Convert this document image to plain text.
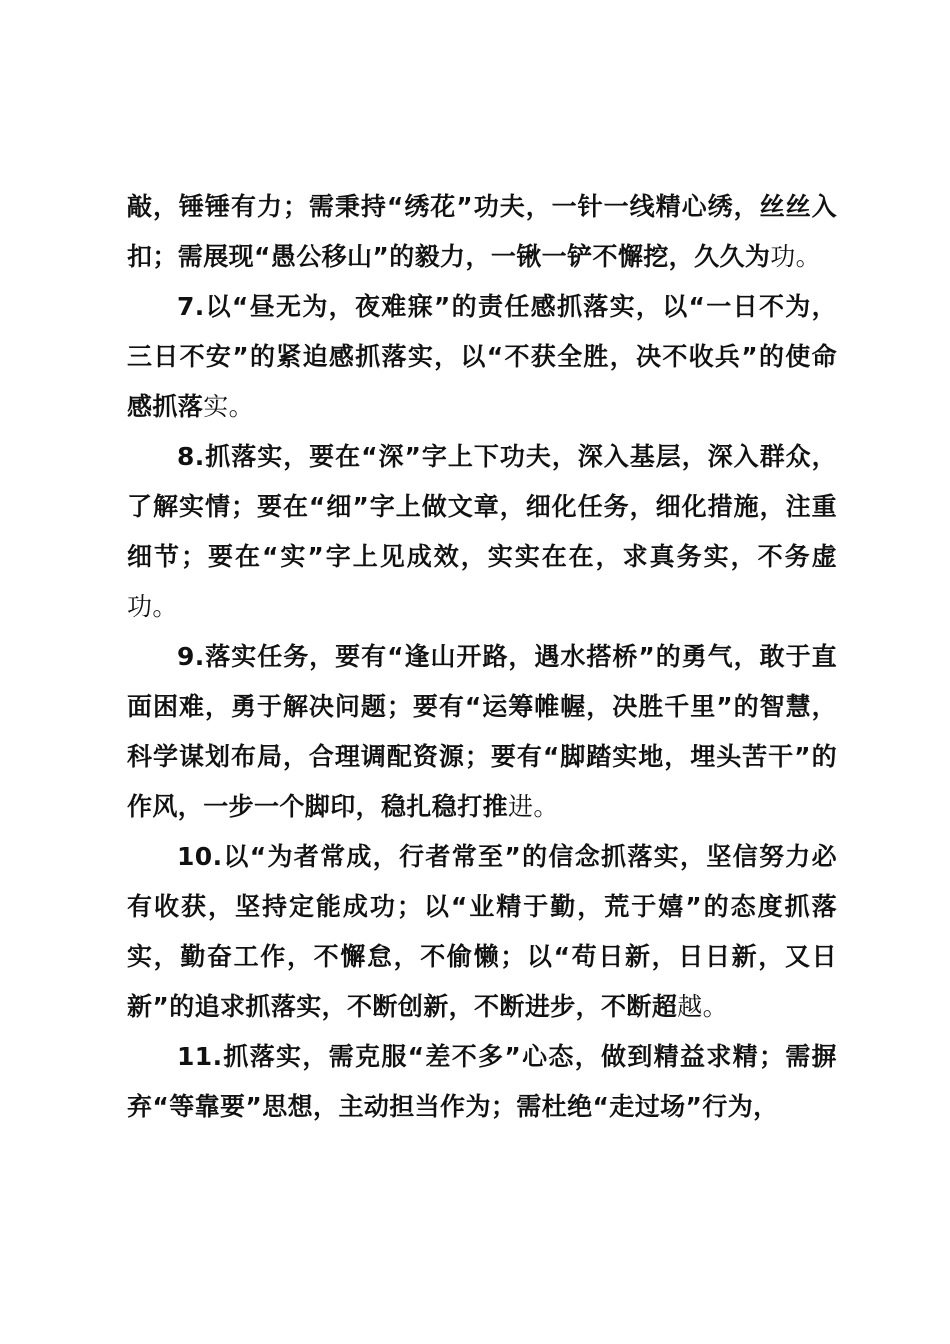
敲，锤锤有力；需秉持“绣花”功夫，一针一线精心绣，丝丝入扣；需展现“愚公移山”的毅力，一锹一铲不懈挖，久久为功。

7.以“昼无为，夜难寐”的责任感抓落实，以“一日不为，三日不安”的紧迫感抓落实，以“不获全胜，决不收兵”的使命感抓落实。

8.抓落实，要在“深”字上下功夫，深入基层，深入群众，了解实情；要在“细”字上做文章，细化任务，细化措施，注重细节；要在“实”字上见成效，实实在在，求真务实，不务虚功。

9.落实任务，要有“逢山开路，遇水搭桥”的勇气，敢于直面困难，勇于解决问题；要有“运筹帷幄，决胜千里”的智慧，科学谋划布局，合理调配资源；要有“脚踏实地，埋头苦干”的作风，一步一个脚印，稳扎稳打推进。

10.以“为者常成，行者常至”的信念抓落实，坚信努力必有收获，坚持定能成功；以“业精于勤，荒于嬉”的态度抓落实，勤奋工作，不懈怠，不偷懒；以“苟日新，日日新，又日新”的追求抓落实，不断创新，不断进步，不断超越。

11.抓落实，需克服“差不多”心态，做到精益求精；需摒弃“等靠要”思想，主动担当作为；需杜绝“走过场”行为，
